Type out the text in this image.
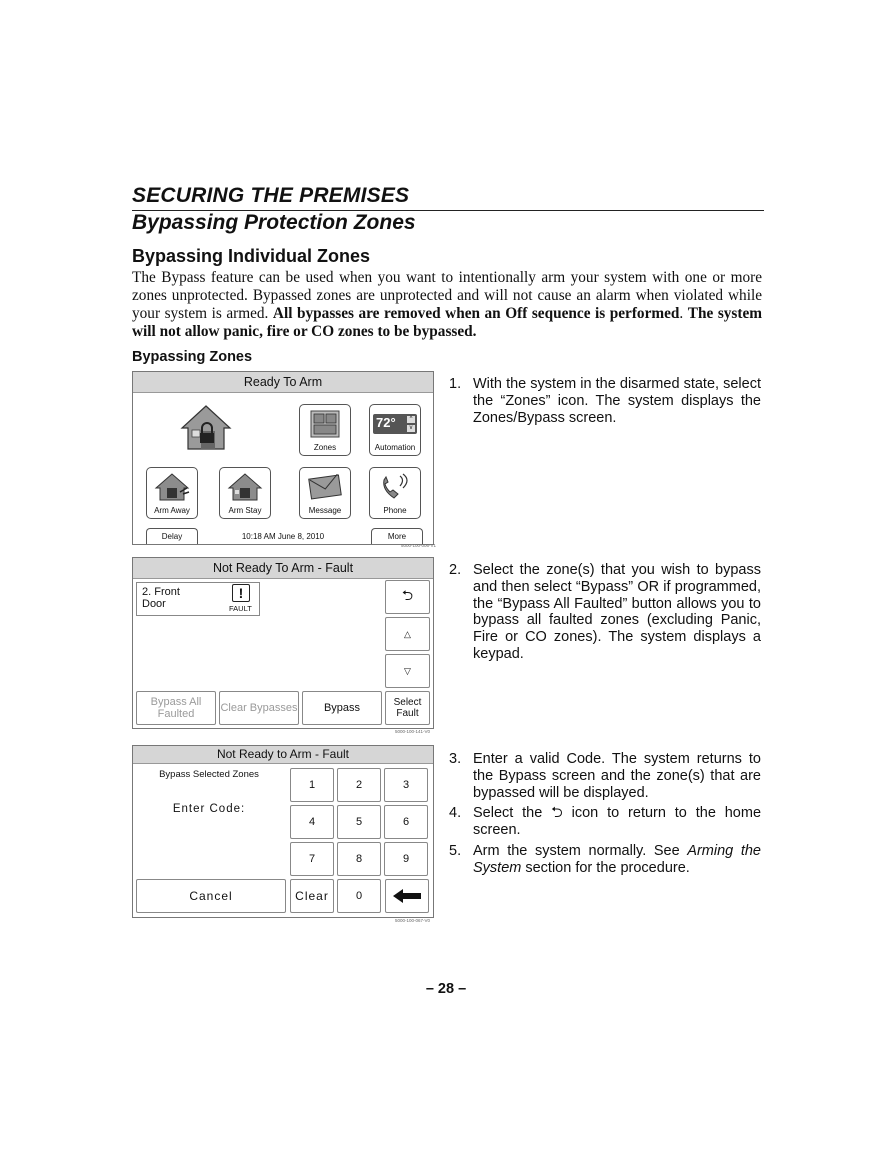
SECURING THE PREMISES
Bypassing Protection Zones
Bypassing Individual Zones
The Bypass feature can be used when you want to intentionally arm your system with one or more zones unprotected. Bypassed zones are unprotected and will not cause an alarm when violated while your system is armed. All bypasses are removed when an Off sequence is performed. The system will not allow panic, fire or CO zones to be bypassed.
Bypassing Zones
Ready To Arm
Zones
72°	^
v
Automation
Arm Away	Arm Stay	Message	Phone
Delay	10:18 AM June 8, 2010	More
5000-100-006-V1
Not Ready To Arm - Fault
2. Front Door
!
FAULT
⮌
△
▽
Bypass All Faulted	Clear Bypasses	Bypass	Select Fault
5000-100-141-V0
Not Ready to Arm - Fault
Bypass Selected Zones
Enter Code:
Cancel	Clear	0
1	2	3
4	5	6
7	8	9
5000-100-067-V0
1. With the system in the disarmed state, select the “Zones” icon. The system displays the Zones/Bypass screen.
2. Select the zone(s) that you wish to bypass and then select “Bypass” OR if programmed, the “Bypass All Faulted” button allows you to bypass all faulted zones (excluding Panic, Fire or CO zones). The system displays a keypad.
3. Enter a valid Code. The system returns to the Bypass screen and the zone(s) that are bypassed will be displayed.
4. Select the ⮌ icon to return to the home screen.
5. Arm the system normally. See Arming the System section for the procedure.
– 28 –
